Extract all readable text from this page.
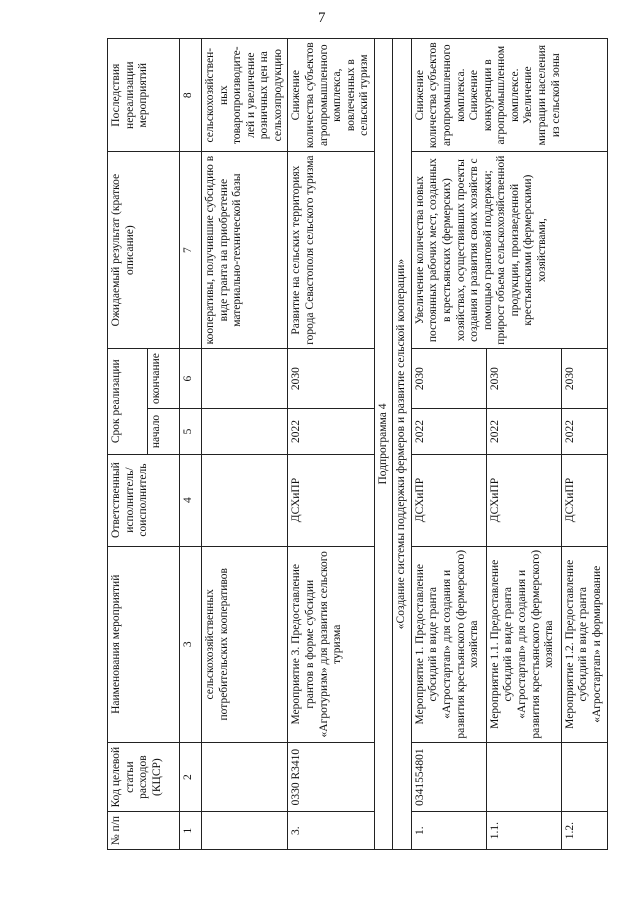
7
№ п/п	Код целевой статьи расходов (КЦСР)	Наименования мероприятий	Ответственный исполнитель/ соисполнитель	Срок реализации		Ожидаемый результат (краткое описание)	Последствия нереализации мероприятий
				начало	окончание		
1	2	3	4	5	6	7	8
		сельскохозяйственных потребительских кооперативов				кооперативы, получившие субсидию в виде гранта на приобретение материально-технической базы	сельскохозяйствен-ных товаропроизводите-лей и увеличение розничных цен на сельхозпродукцию
3.	0330 R3410	Мероприятие 3. Предоставление грантов в форме субсидии «Агротуризм» для развития сельского туризма	ДСХиПР	2022	2030	Развитие на сельских территориях города Севастополя сельского туризма	Снижение количества субъектов агропромышленного комплекса, вовлеченных в сельский туризм
Подпрограмма 4							
«Создание системы поддержки фермеров и развитие сельской кооперации»							
1.	0341554801	Мероприятие 1. Предоставление субсидий в виде гранта «Агростартап» для создания и развития крестьянского (фермерского) хозяйства	ДСХиПР	2022	2030	Увеличение количества новых постоянных рабочих мест, созданных в крестьянских (фермерских) хозяйствах, осуществивших проекты создания и развития своих хозяйств с помощью грантовой поддержки; прирост объема сельскохозяйственной продукции, произведенной крестьянскими (фермерскими) хозяйствами,	Снижение количества субъектов агропромышленного комплекса. Снижение конкуренции в агропромышленном комплексе. Увеличение миграции населения из сельской зоны
1.1.		Мероприятие 1.1. Предоставление субсидий в виде гранта «Агростартап» для создания и развития крестьянского (фермерского) хозяйства	ДСХиПР	2022	2030		
1.2.		Мероприятие 1.2. Предоставление субсидий в виде гранта «Агростартап» и формирование	ДСХиПР	2022	2030		
